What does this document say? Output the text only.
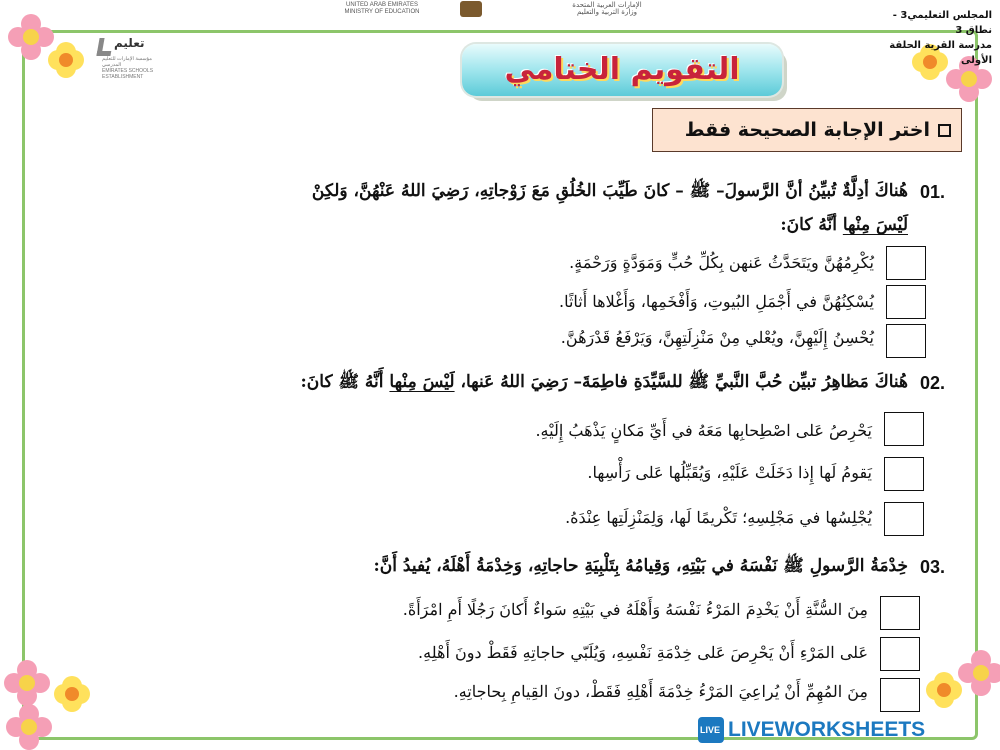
المجلس التعليمي3 - نطاق 3
مدرسة القرية الحلقة الأولى
UNITED ARAB EMIRATES
MINISTRY OF EDUCATION
الإمارات العربية المتحدة
وزارة التربية والتعليم
تعليم
مؤسسة الإمارات للتعليم المدرسي
EMIRATES SCHOOLS ESTABLISHMENT	التقويم الختامي
اختر الإجابة الصحيحة فقط
01.
هُناكَ أدِلَّةٌ تُبيِّنُ أنَّ الرَّسولَ– ﷺ – كانَ طَيِّبَ الخُلُقِ مَعَ زَوْجاتِهِ، رَضِيَ اللهُ عَنْهُنَّ، وَلكِنْ
لَيْسَ مِنْها أنَّهُ كانَ:
يُكْرِمُهُنَّ ويَتَحَدَّثُ عَنهن بِكُلِّ حُبٍّ وَمَوَدَّةٍ وَرَحْمَةٍ.
يُسْكِنُهُنَّ في أَجْمَلِ البُيوتِ، وَأَفْخَمِها، وَأَغْلاها أَثاثًا.
يُحْسِنُ إِلَيْهِنَّ، ويُعْلي مِنْ مَنْزِلَتِهِنَّ، وَيَرْفَعُ قَدْرَهُنَّ.
02.
هُناكَ مَظاهِرُ تبيِّن حُبَّ النَّبيِّ ﷺ للسَّيِّدَةِ فاطِمَةَ– رَضِيَ اللهُ عَنها، لَيْسَ مِنْها أَنَّهُ ﷺ كانَ:
يَحْرِصُ عَلى اصْطِحابِها مَعَهُ في أَيِّ مَكانٍ يَذْهَبُ إِلَيْهِ.
يَقومُ لَها إِذا دَخَلَتْ عَلَيْهِ، وَيُقَبِّلُها عَلى رَأْسِها.
يُجْلِسُها في مَجْلِسِهِ؛ تَكْريمًا لَها، وَلِمَنْزِلَتِها عِنْدَهُ.
03.
خِدْمَةُ الرَّسولِ ﷺ نَفْسَهُ في بَيْتِهِ، وَقِيامُهُ بِتَلْبِيَةِ حاجاتِهِ، وَخِدْمَةُ أَهْلَهُ، يُفيدُ أَنَّ:
مِنَ السُّنَّةِ أَنْ يَخْدِمَ المَرْءُ نَفْسَهُ وَأَهْلَهُ في بَيْتِهِ سَواءٌ أَكانَ رَجُلًا أَمِ امْرَأَةً.
عَلى المَرْءِ أَنْ يَحْرِصَ عَلى خِدْمَةِ نَفْسِهِ، وَيُلَبّي حاجاتِهِ فَقَطْ دونَ أَهْلِهِ.
مِنَ المُهِمِّ أَنْ يُراعِيَ المَرْءُ خِدْمَةَ أَهْلِهِ فَقَطْ، دونَ القِيامِ بِحاجاتِهِ.
LIVE LIVEWORKSHEETS
